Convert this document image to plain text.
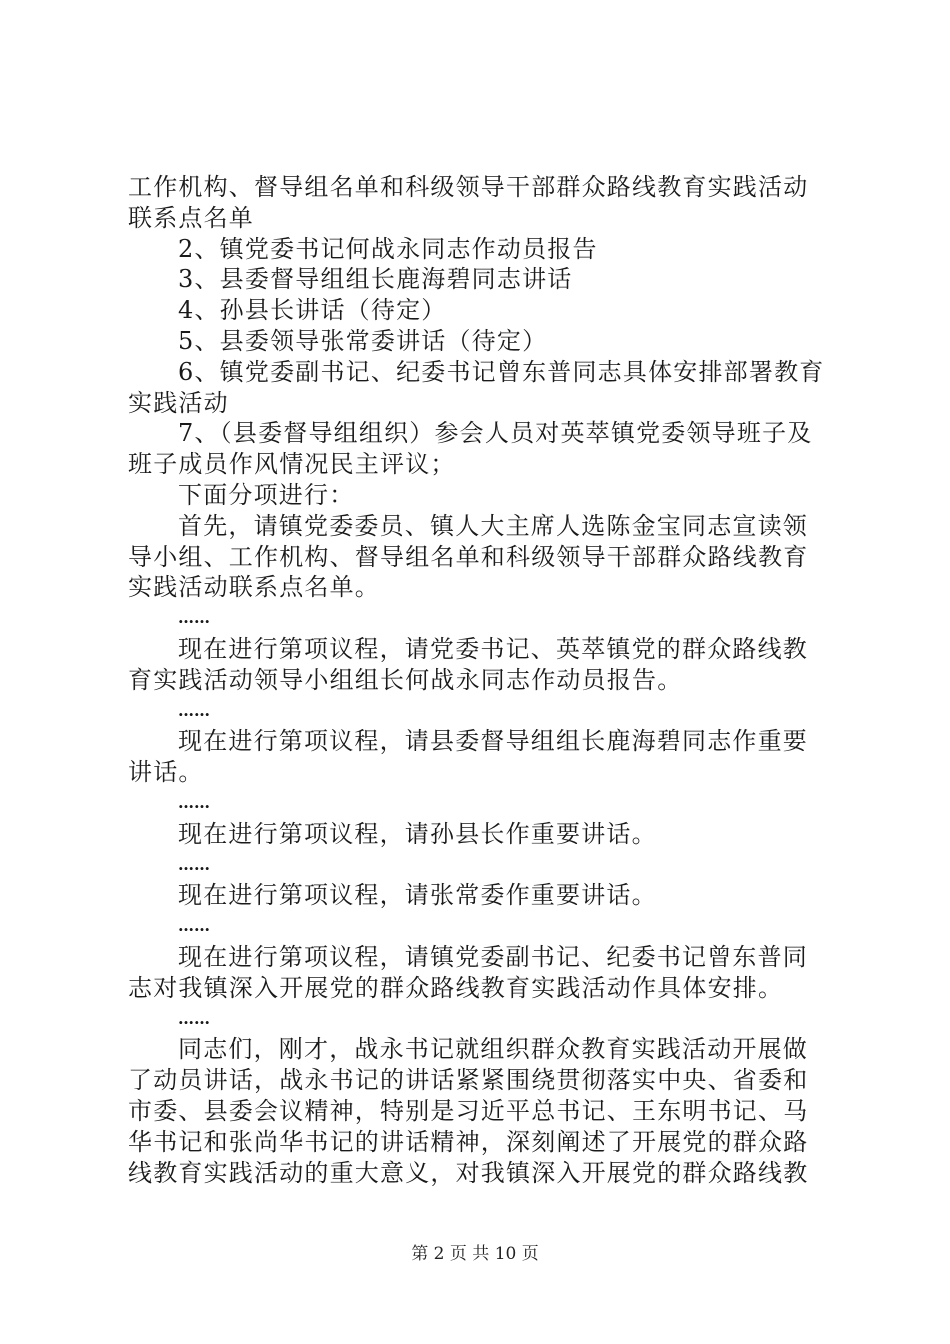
工作机构、督导组名单和科级领导干部群众路线教育实践活动
联系点名单
2、镇党委书记何战永同志作动员报告
3、县委督导组组长鹿海碧同志讲话
4、孙县长讲话（待定）
5、县委领导张常委讲话（待定）
6、镇党委副书记、纪委书记曾东普同志具体安排部署教育
实践活动
7、（县委督导组组织）参会人员对英萃镇党委领导班子及
班子成员作风情况民主评议；
下面分项进行：
首先，请镇党委委员、镇人大主席人选陈金宝同志宣读领
导小组、工作机构、督导组名单和科级领导干部群众路线教育
实践活动联系点名单。
……
现在进行第项议程，请党委书记、英萃镇党的群众路线教
育实践活动领导小组组长何战永同志作动员报告。
……
现在进行第项议程，请县委督导组组长鹿海碧同志作重要
讲话。
……
现在进行第项议程，请孙县长作重要讲话。
……
现在进行第项议程，请张常委作重要讲话。
……
现在进行第项议程，请镇党委副书记、纪委书记曾东普同
志对我镇深入开展党的群众路线教育实践活动作具体安排。
……
同志们，刚才，战永书记就组织群众教育实践活动开展做
了动员讲话，战永书记的讲话紧紧围绕贯彻落实中央、省委和
市委、县委会议精神，特别是习近平总书记、王东明书记、马
华书记和张尚华书记的讲话精神，深刻阐述了开展党的群众路
线教育实践活动的重大意义，对我镇深入开展党的群众路线教
第 2 页 共 10 页
